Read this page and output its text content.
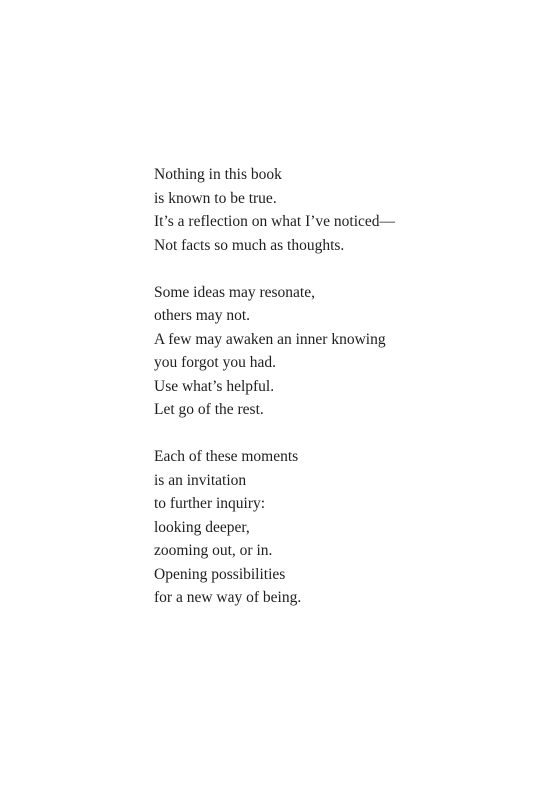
Nothing in this book
is known to be true.
It’s a reflection on what I’ve noticed—
Not facts so much as thoughts.
Some ideas may resonate,
others may not.
A few may awaken an inner knowing
you forgot you had.
Use what’s helpful.
Let go of the rest.
Each of these moments
is an invitation
to further inquiry:
looking deeper,
zooming out, or in.
Opening possibilities
for a new way of being.
